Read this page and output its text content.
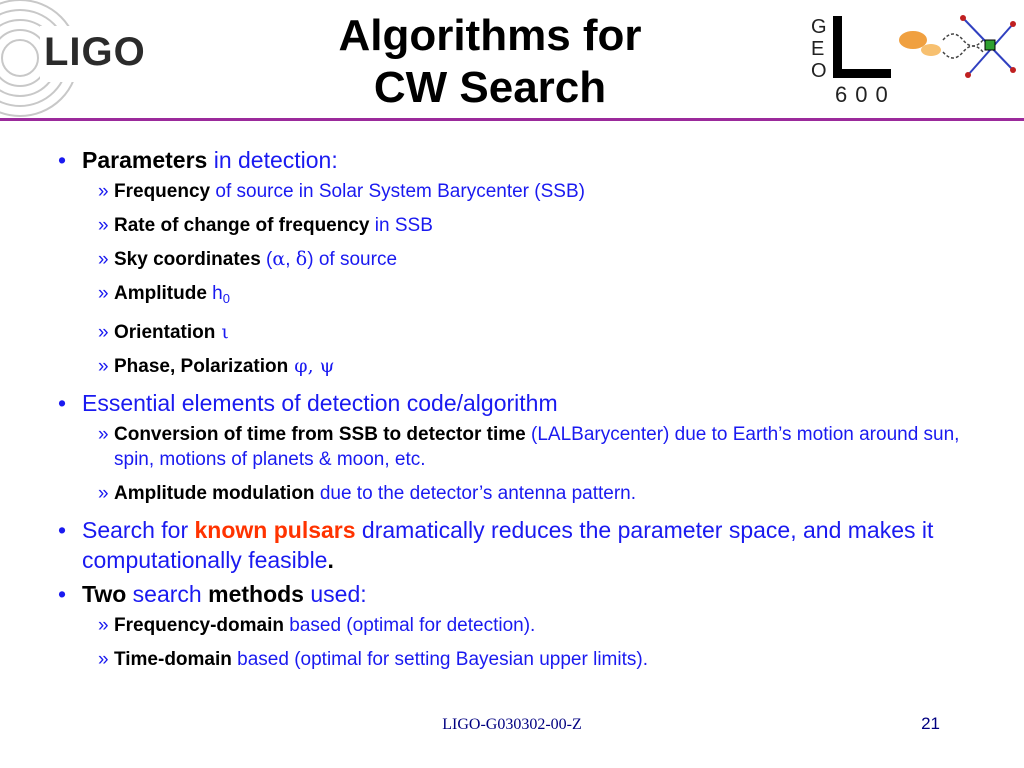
LIGO	Algorithms for
CW Search
G
E
O
600
• Parameters in detection:
» Frequency of source in Solar System Barycenter (SSB)
» Rate of change of frequency in SSB
» Sky coordinates (α, δ) of source
» Amplitude $h_0$
» Orientation ι
» Phase, Polarization φ, ψ
• Essential elements of detection code/algorithm
» Conversion of time from SSB to detector time (LALBarycenter) due to Earth’s motion around sun, spin, motions of planets & moon, etc.
» Amplitude modulation due to the detector’s antenna pattern.
• Search for known pulsars dramatically reduces the parameter space, and makes it computationally feasible.
• Two search methods used:
» Frequency-domain based (optimal for detection).
» Time-domain based (optimal for setting Bayesian upper limits).
LIGO-G030302-00-Z	21
